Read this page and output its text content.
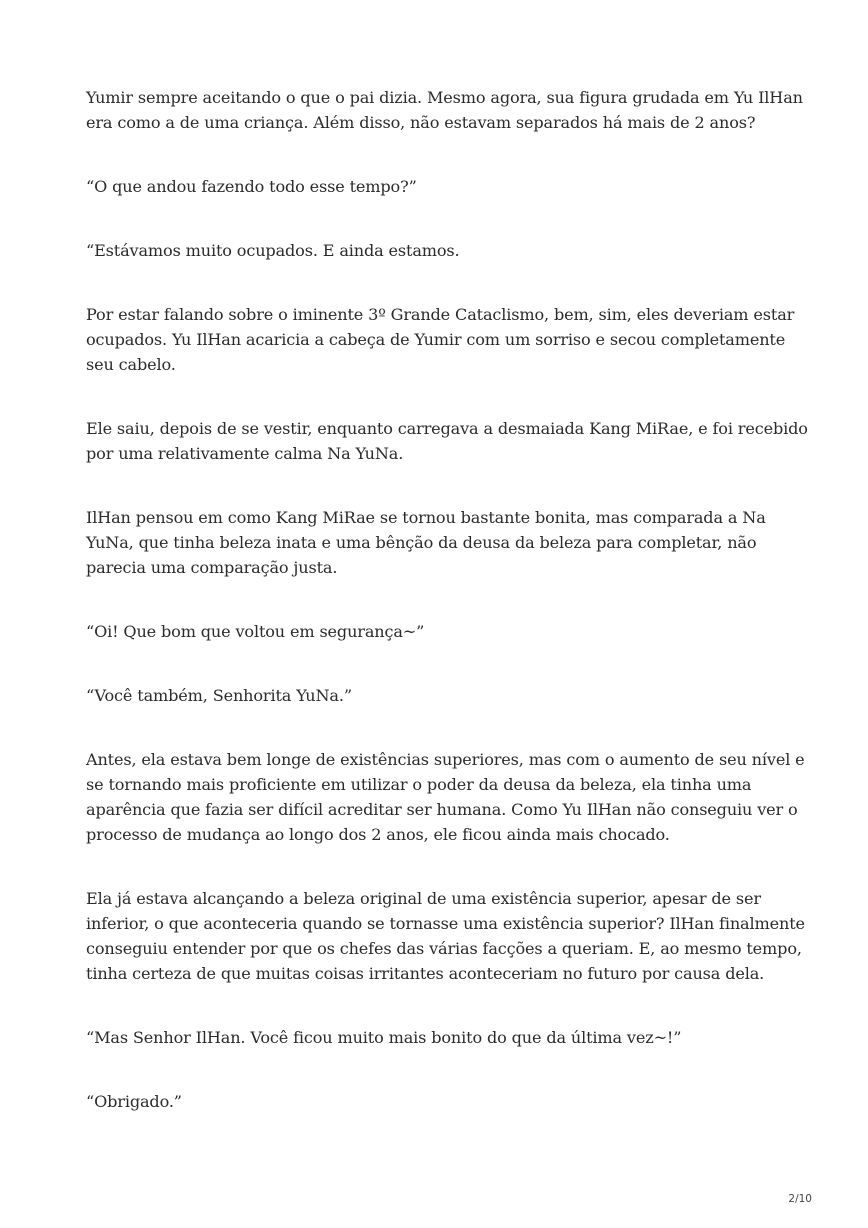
Yumir sempre aceitando o que o pai dizia. Mesmo agora, sua figura grudada em Yu IlHan
era como a de uma criança. Além disso, não estavam separados há mais de 2 anos?

“O que andou fazendo todo esse tempo?”

“Estávamos muito ocupados. E ainda estamos.

Por estar falando sobre o iminente 3º Grande Cataclismo, bem, sim, eles deveriam estar
ocupados. Yu IlHan acaricia a cabeça de Yumir com um sorriso e secou completamente
seu cabelo.

Ele saiu, depois de se vestir, enquanto carregava a desmaiada Kang MiRae, e foi recebido
por uma relativamente calma Na YuNa.

IlHan pensou em como Kang MiRae se tornou bastante bonita, mas comparada a Na
YuNa, que tinha beleza inata e uma bênção da deusa da beleza para completar, não
parecia uma comparação justa.

“Oi! Que bom que voltou em segurança~”

“Você também, Senhorita YuNa.”

Antes, ela estava bem longe de existências superiores, mas com o aumento de seu nível e
se tornando mais proficiente em utilizar o poder da deusa da beleza, ela tinha uma
aparência que fazia ser difícil acreditar ser humana. Como Yu IlHan não conseguiu ver o
processo de mudança ao longo dos 2 anos, ele ficou ainda mais chocado.

Ela já estava alcançando a beleza original de uma existência superior, apesar de ser
inferior, o que aconteceria quando se tornasse uma existência superior? IlHan finalmente
conseguiu entender por que os chefes das várias facções a queriam. E, ao mesmo tempo,
tinha certeza de que muitas coisas irritantes aconteceriam no futuro por causa dela.

“Mas Senhor IlHan. Você ficou muito mais bonito do que da última vez~!”

“Obrigado.”

2/10
